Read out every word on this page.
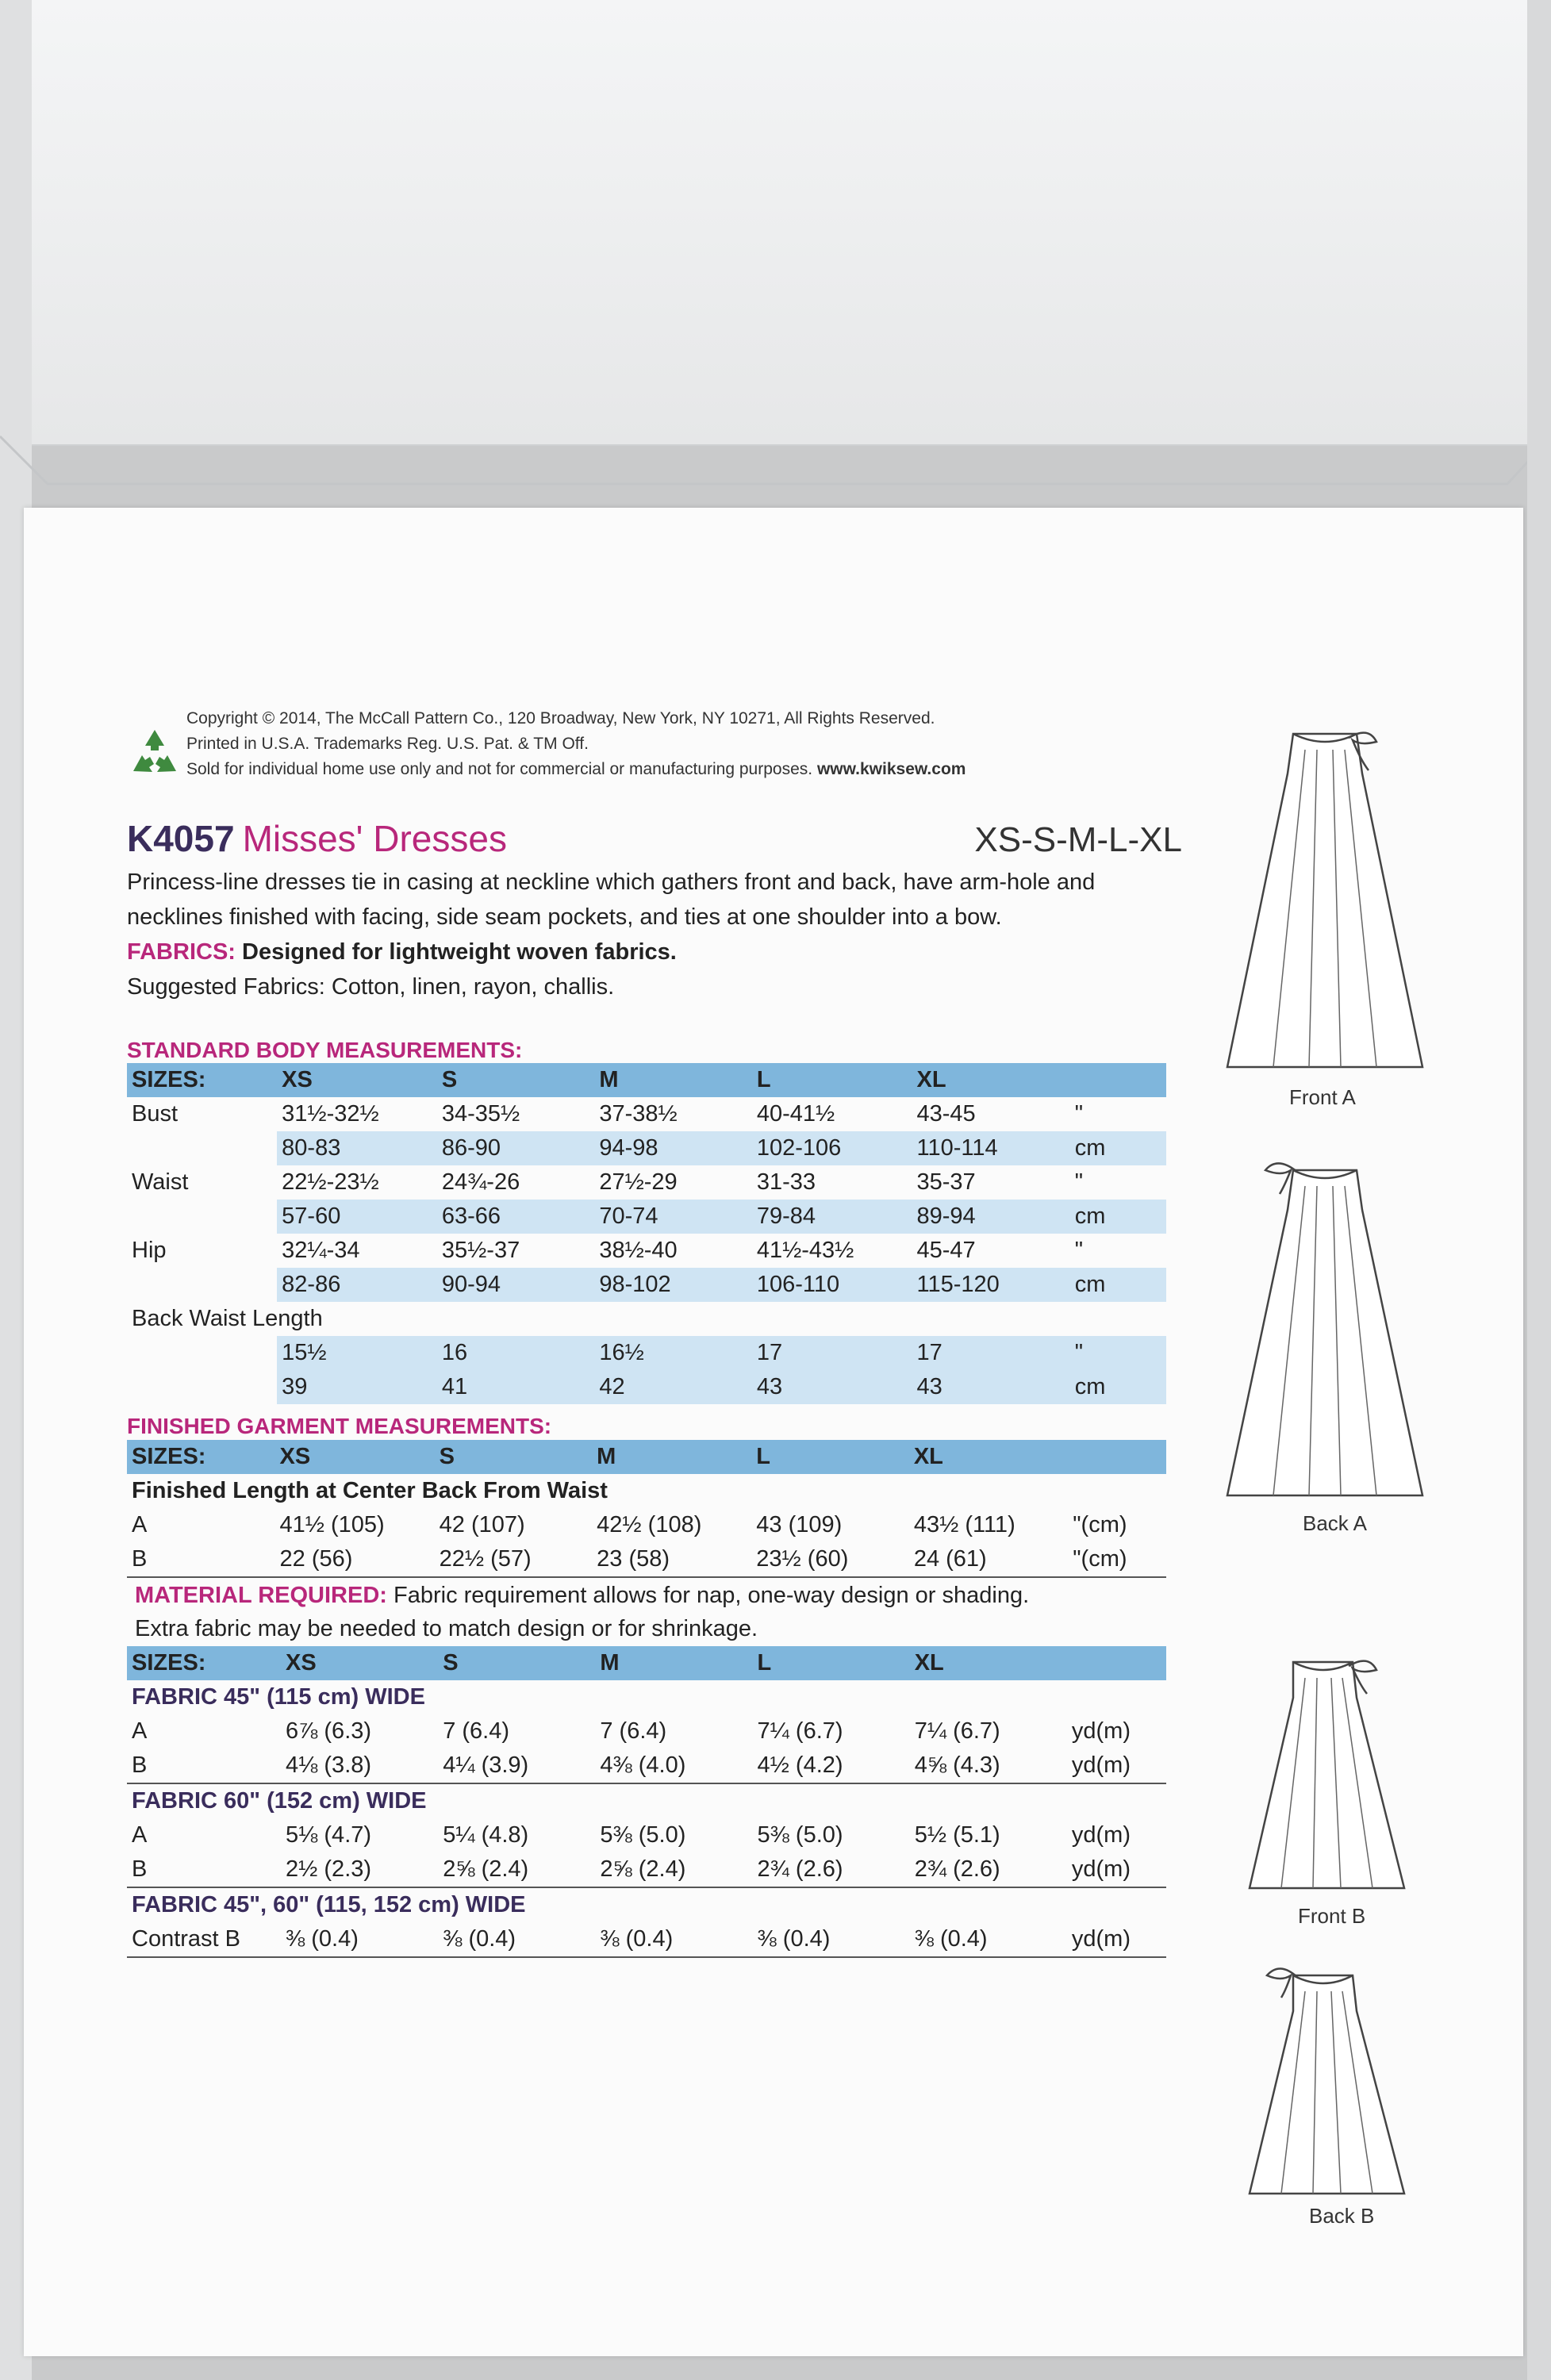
Copyright © 2014, The McCall Pattern Co., 120 Broadway, New York, NY 10271, All Rights Reserved.
Printed in U.S.A. Trademarks Reg. U.S. Pat. & TM Off.
Sold for individual home use only and not for commercial or manufacturing purposes. www.kwiksew.com
K4057 Misses' Dresses	XS-S-M-L-XL
Princess-line dresses tie in casing at neckline which gathers front and back, have arm-hole and necklines finished with facing, side seam pockets, and ties at one shoulder into a bow.
FABRICS: Designed for lightweight woven fabrics.
Suggested Fabrics: Cotton, linen, rayon, challis.
STANDARD BODY MEASUREMENTS:
SIZES:	XS	S	M	L	XL	
Bust	31½-32½	34-35½	37-38½	40-41½	43-45	"
	80-83	86-90	94-98	102-106	110-114	cm
Waist	22½-23½	24¾-26	27½-29	31-33	35-37	"
	57-60	63-66	70-74	79-84	89-94	cm
Hip	32¼-34	35½-37	38½-40	41½-43½	45-47	"
	82-86	90-94	98-102	106-110	115-120	cm
Back Waist Length						
	15½	16	16½	17	17	"
	39	41	42	43	43	cm
FINISHED GARMENT MEASUREMENTS:
SIZES:	XS	S	M	L	XL	
Finished Length at Center Back From Waist						
A	41½ (105)	42 (107)	42½ (108)	43 (109)	43½ (111)	"(cm)
B	22 (56)	22½ (57)	23 (58)	23½ (60)	24 (61)	"(cm)
MATERIAL REQUIRED: Fabric requirement allows for nap, one-way design or shading.
Extra fabric may be needed to match design or for shrinkage.
SIZES:	XS	S	M	L	XL	
FABRIC 45" (115 cm) WIDE						
A	6⅞ (6.3)	7 (6.4)	7 (6.4)	7¼ (6.7)	7¼ (6.7)	yd(m)
B	4⅛ (3.8)	4¼ (3.9)	4⅜ (4.0)	4½ (4.2)	4⅝ (4.3)	yd(m)
FABRIC 60" (152 cm) WIDE						
A	5⅛ (4.7)	5¼ (4.8)	5⅜ (5.0)	5⅜ (5.0)	5½ (5.1)	yd(m)
B	2½ (2.3)	2⅝ (2.4)	2⅝ (2.4)	2¾ (2.6)	2¾ (2.6)	yd(m)
FABRIC 45", 60" (115, 152 cm) WIDE						
Contrast B	⅜ (0.4)	⅜ (0.4)	⅜ (0.4)	⅜ (0.4)	⅜ (0.4)	yd(m)
Front A
Back A
Front B
Back B
